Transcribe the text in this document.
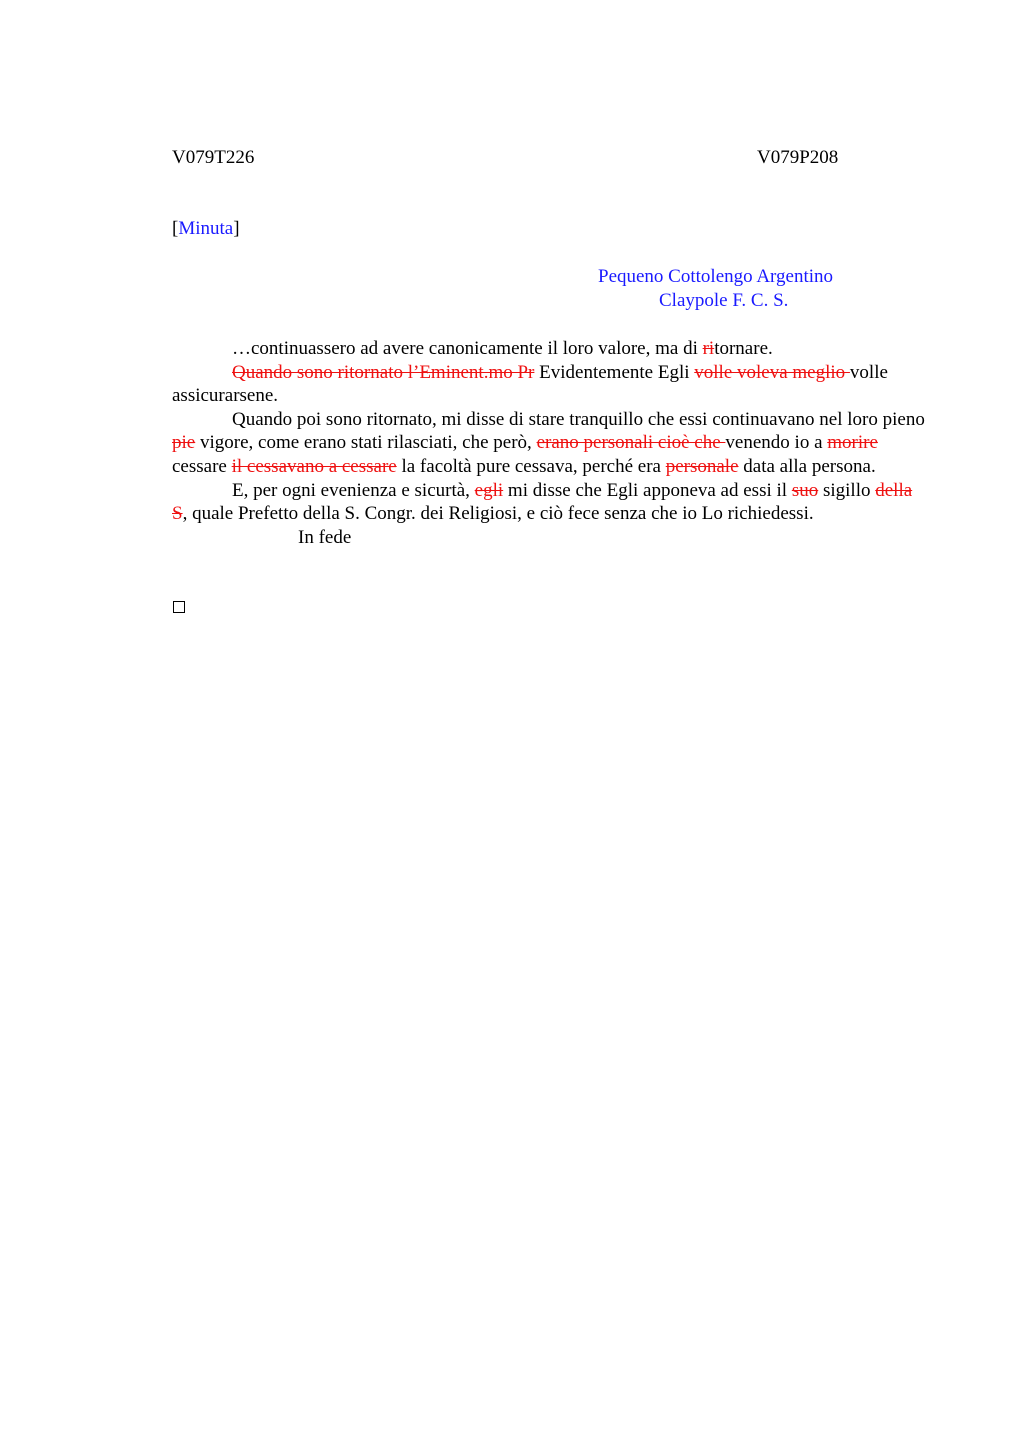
V079T226	V079P208
[Minuta]
Pequeno Cottolengo Argentino
Claypole F. C. S.

…continuassero ad avere canonicamente il loro valore, ma di ritornare.

Quando sono ritornato l’Eminent.mo Pr Evidentemente Egli volle voleva meglio volle assicurarsene.

Quando poi sono ritornato, mi disse di stare tranquillo che essi continuavano nel loro pieno pie vigore, come erano stati rilasciati, che però, erano personali cioè che venendo io a morire cessare il cessavano a cessare la facoltà pure cessava, perché era personale data alla persona.

E, per ogni evenienza e sicurtà, egli mi disse che Egli apponeva ad essi il suo sigillo della S, quale Prefetto della S. Congr. dei Religiosi, e ciò fece senza che io Lo richiedessi.

In fede
